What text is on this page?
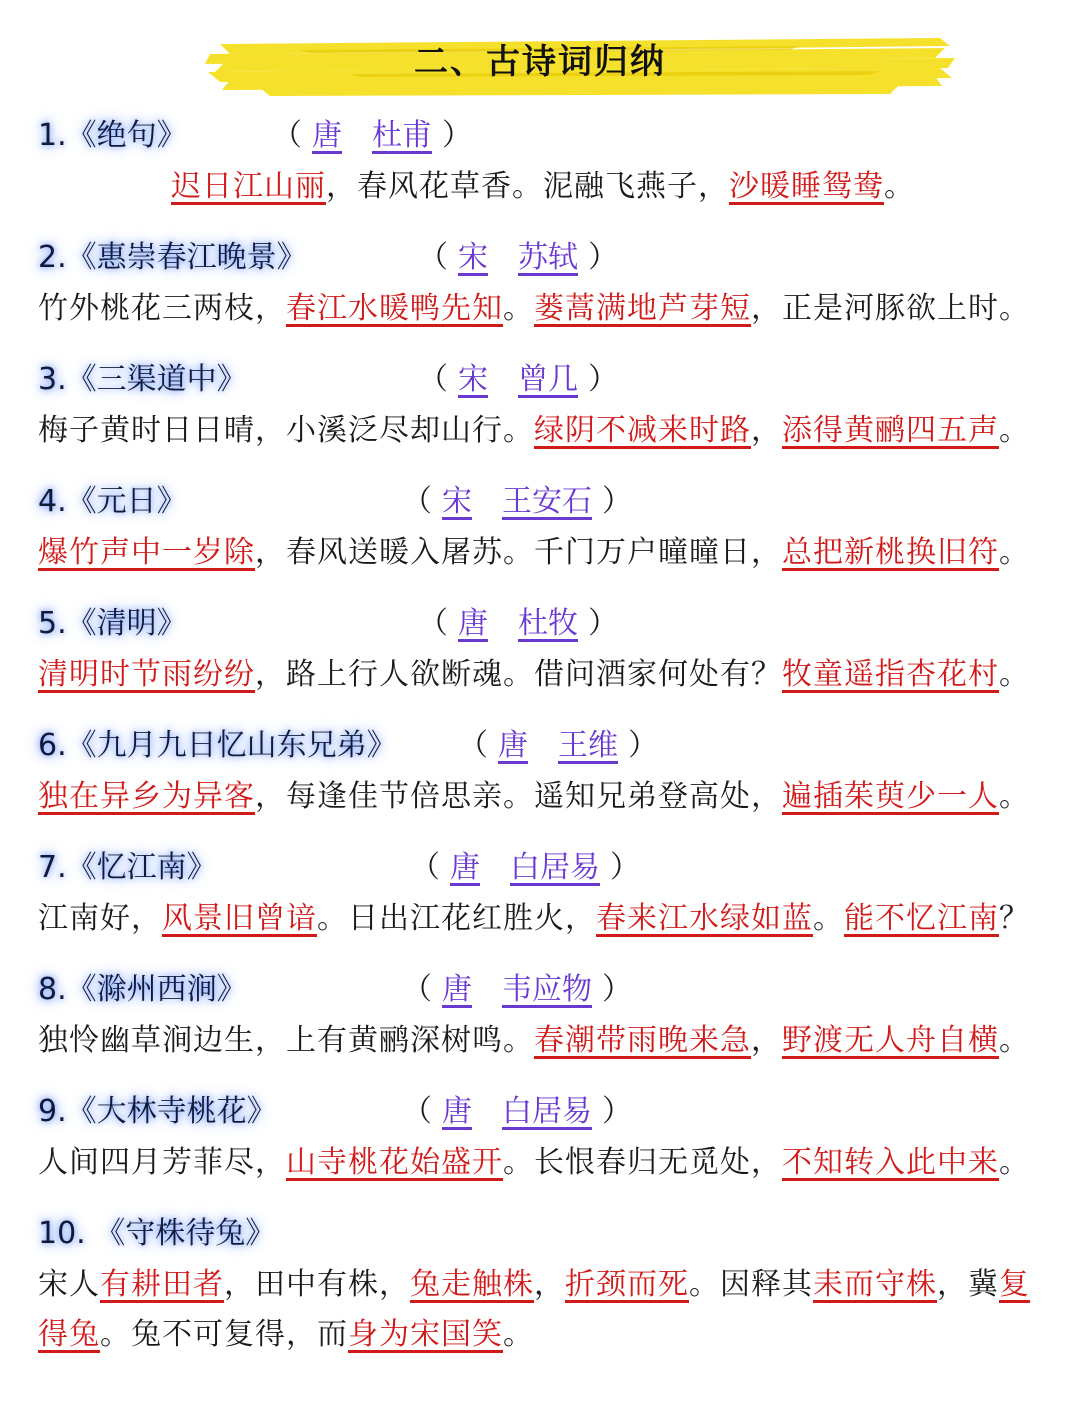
二、古诗词归纳
1.《绝句》	（ 唐 杜甫 ）
迟日江山丽，春风花草香。泥融飞燕子，沙暖睡鸳鸯。
2.《惠崇春江晚景》	（ 宋 苏轼 ）
竹外桃花三两枝，春江水暖鸭先知。蒌蒿满地芦芽短，正是河豚欲上时。
3.《三渠道中》	（ 宋 曾几 ）
梅子黄时日日晴，小溪泛尽却山行。绿阴不减来时路，添得黄鹂四五声。
4.《元日》	（ 宋 王安石 ）
爆竹声中一岁除，春风送暖入屠苏。千门万户曈曈日，总把新桃换旧符。
5.《清明》	（ 唐 杜牧 ）
清明时节雨纷纷，路上行人欲断魂。借问酒家何处有？牧童遥指杏花村。
6.《九月九日忆山东兄弟》 （ 唐 王维 ）
独在异乡为异客，每逢佳节倍思亲。遥知兄弟登高处，遍插茱萸少一人。
7.《忆江南》	（ 唐 白居易 ）
江南好，风景旧曾谙。日出江花红胜火，春来江水绿如蓝。能不忆江南？
8.《滁州西涧》	（ 唐 韦应物 ）
独怜幽草涧边生，上有黄鹂深树鸣。春潮带雨晚来急，野渡无人舟自横。
9.《大林寺桃花》	（ 唐 白居易 ）
人间四月芳菲尽，山寺桃花始盛开。长恨春归无觅处，不知转入此中来。
10. 《守株待兔》
宋人有耕田者，田中有株，兔走触株，折颈而死。因释其耒而守株，冀复得兔。兔不可复得，而身为宋国笑。
